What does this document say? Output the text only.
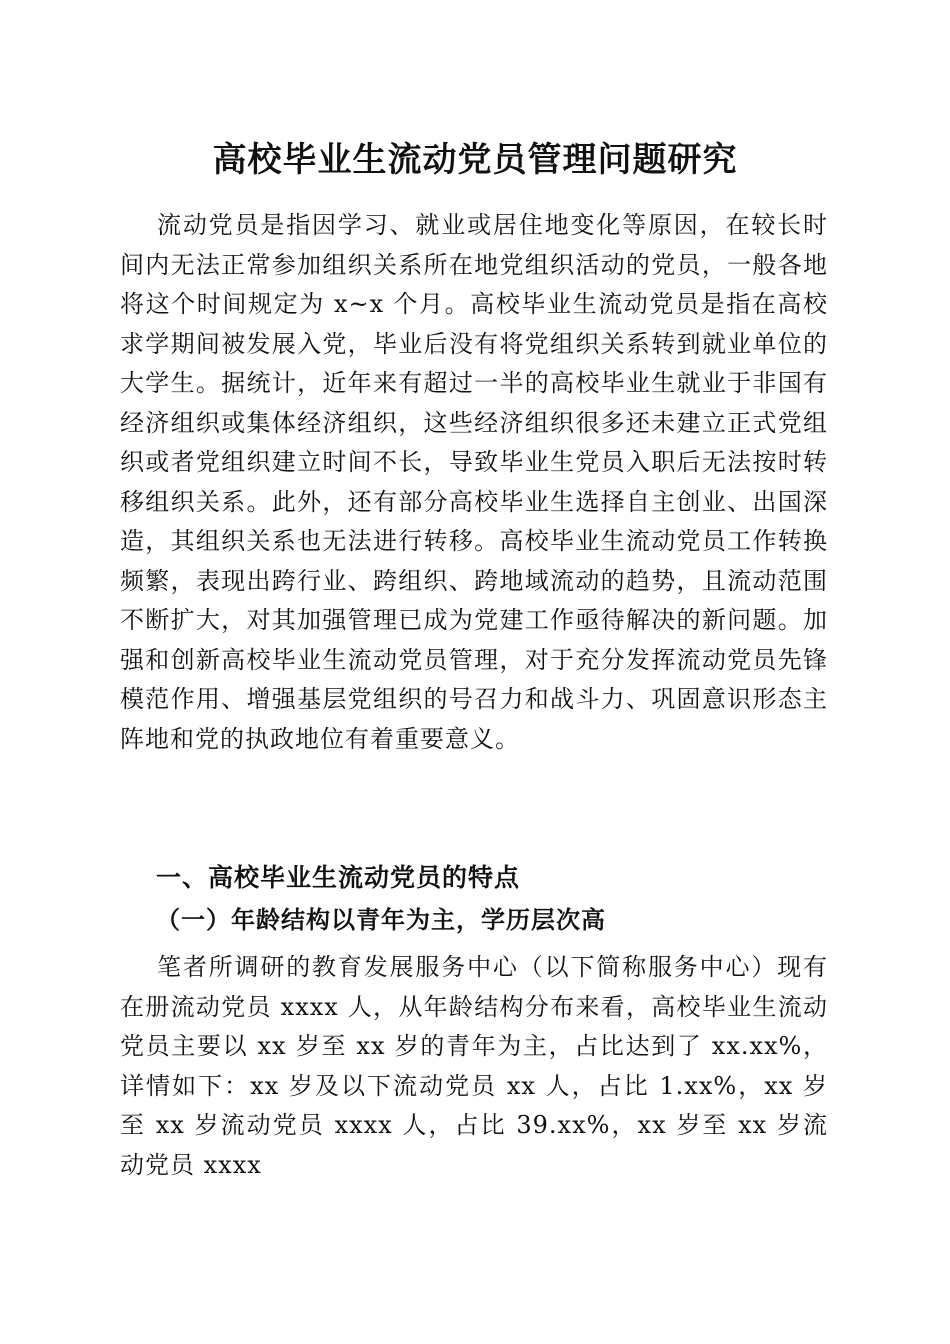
高校毕业生流动党员管理问题研究

流动党员是指因学习、就业或居住地变化等原因，在较长时间内无法正常参加组织关系所在地党组织活动的党员，一般各地将这个时间规定为 x~x 个月。高校毕业生流动党员是指在高校求学期间被发展入党，毕业后没有将党组织关系转到就业单位的大学生。据统计，近年来有超过一半的高校毕业生就业于非国有经济组织或集体经济组织，这些经济组织很多还未建立正式党组织或者党组织建立时间不长，导致毕业生党员入职后无法按时转移组织关系。此外，还有部分高校毕业生选择自主创业、出国深造，其组织关系也无法进行转移。高校毕业生流动党员工作转换频繁，表现出跨行业、跨组织、跨地域流动的趋势，且流动范围不断扩大，对其加强管理已成为党建工作亟待解决的新问题。加强和创新高校毕业生流动党员管理，对于充分发挥流动党员先锋模范作用、增强基层党组织的号召力和战斗力、巩固意识形态主阵地和党的执政地位有着重要意义。

一、高校毕业生流动党员的特点
（一）年龄结构以青年为主，学历层次高

笔者所调研的教育发展服务中心（以下简称服务中心）现有在册流动党员 xxxx 人，从年龄结构分布来看，高校毕业生流动党员主要以 xx 岁至 xx 岁的青年为主，占比达到了 xx.xx%，详情如下：xx 岁及以下流动党员 xx 人，占比 1.xx%，xx 岁至 xx 岁流动党员 xxxx 人，占比 39.xx%，xx 岁至 xx 岁流动党员 xxxx
